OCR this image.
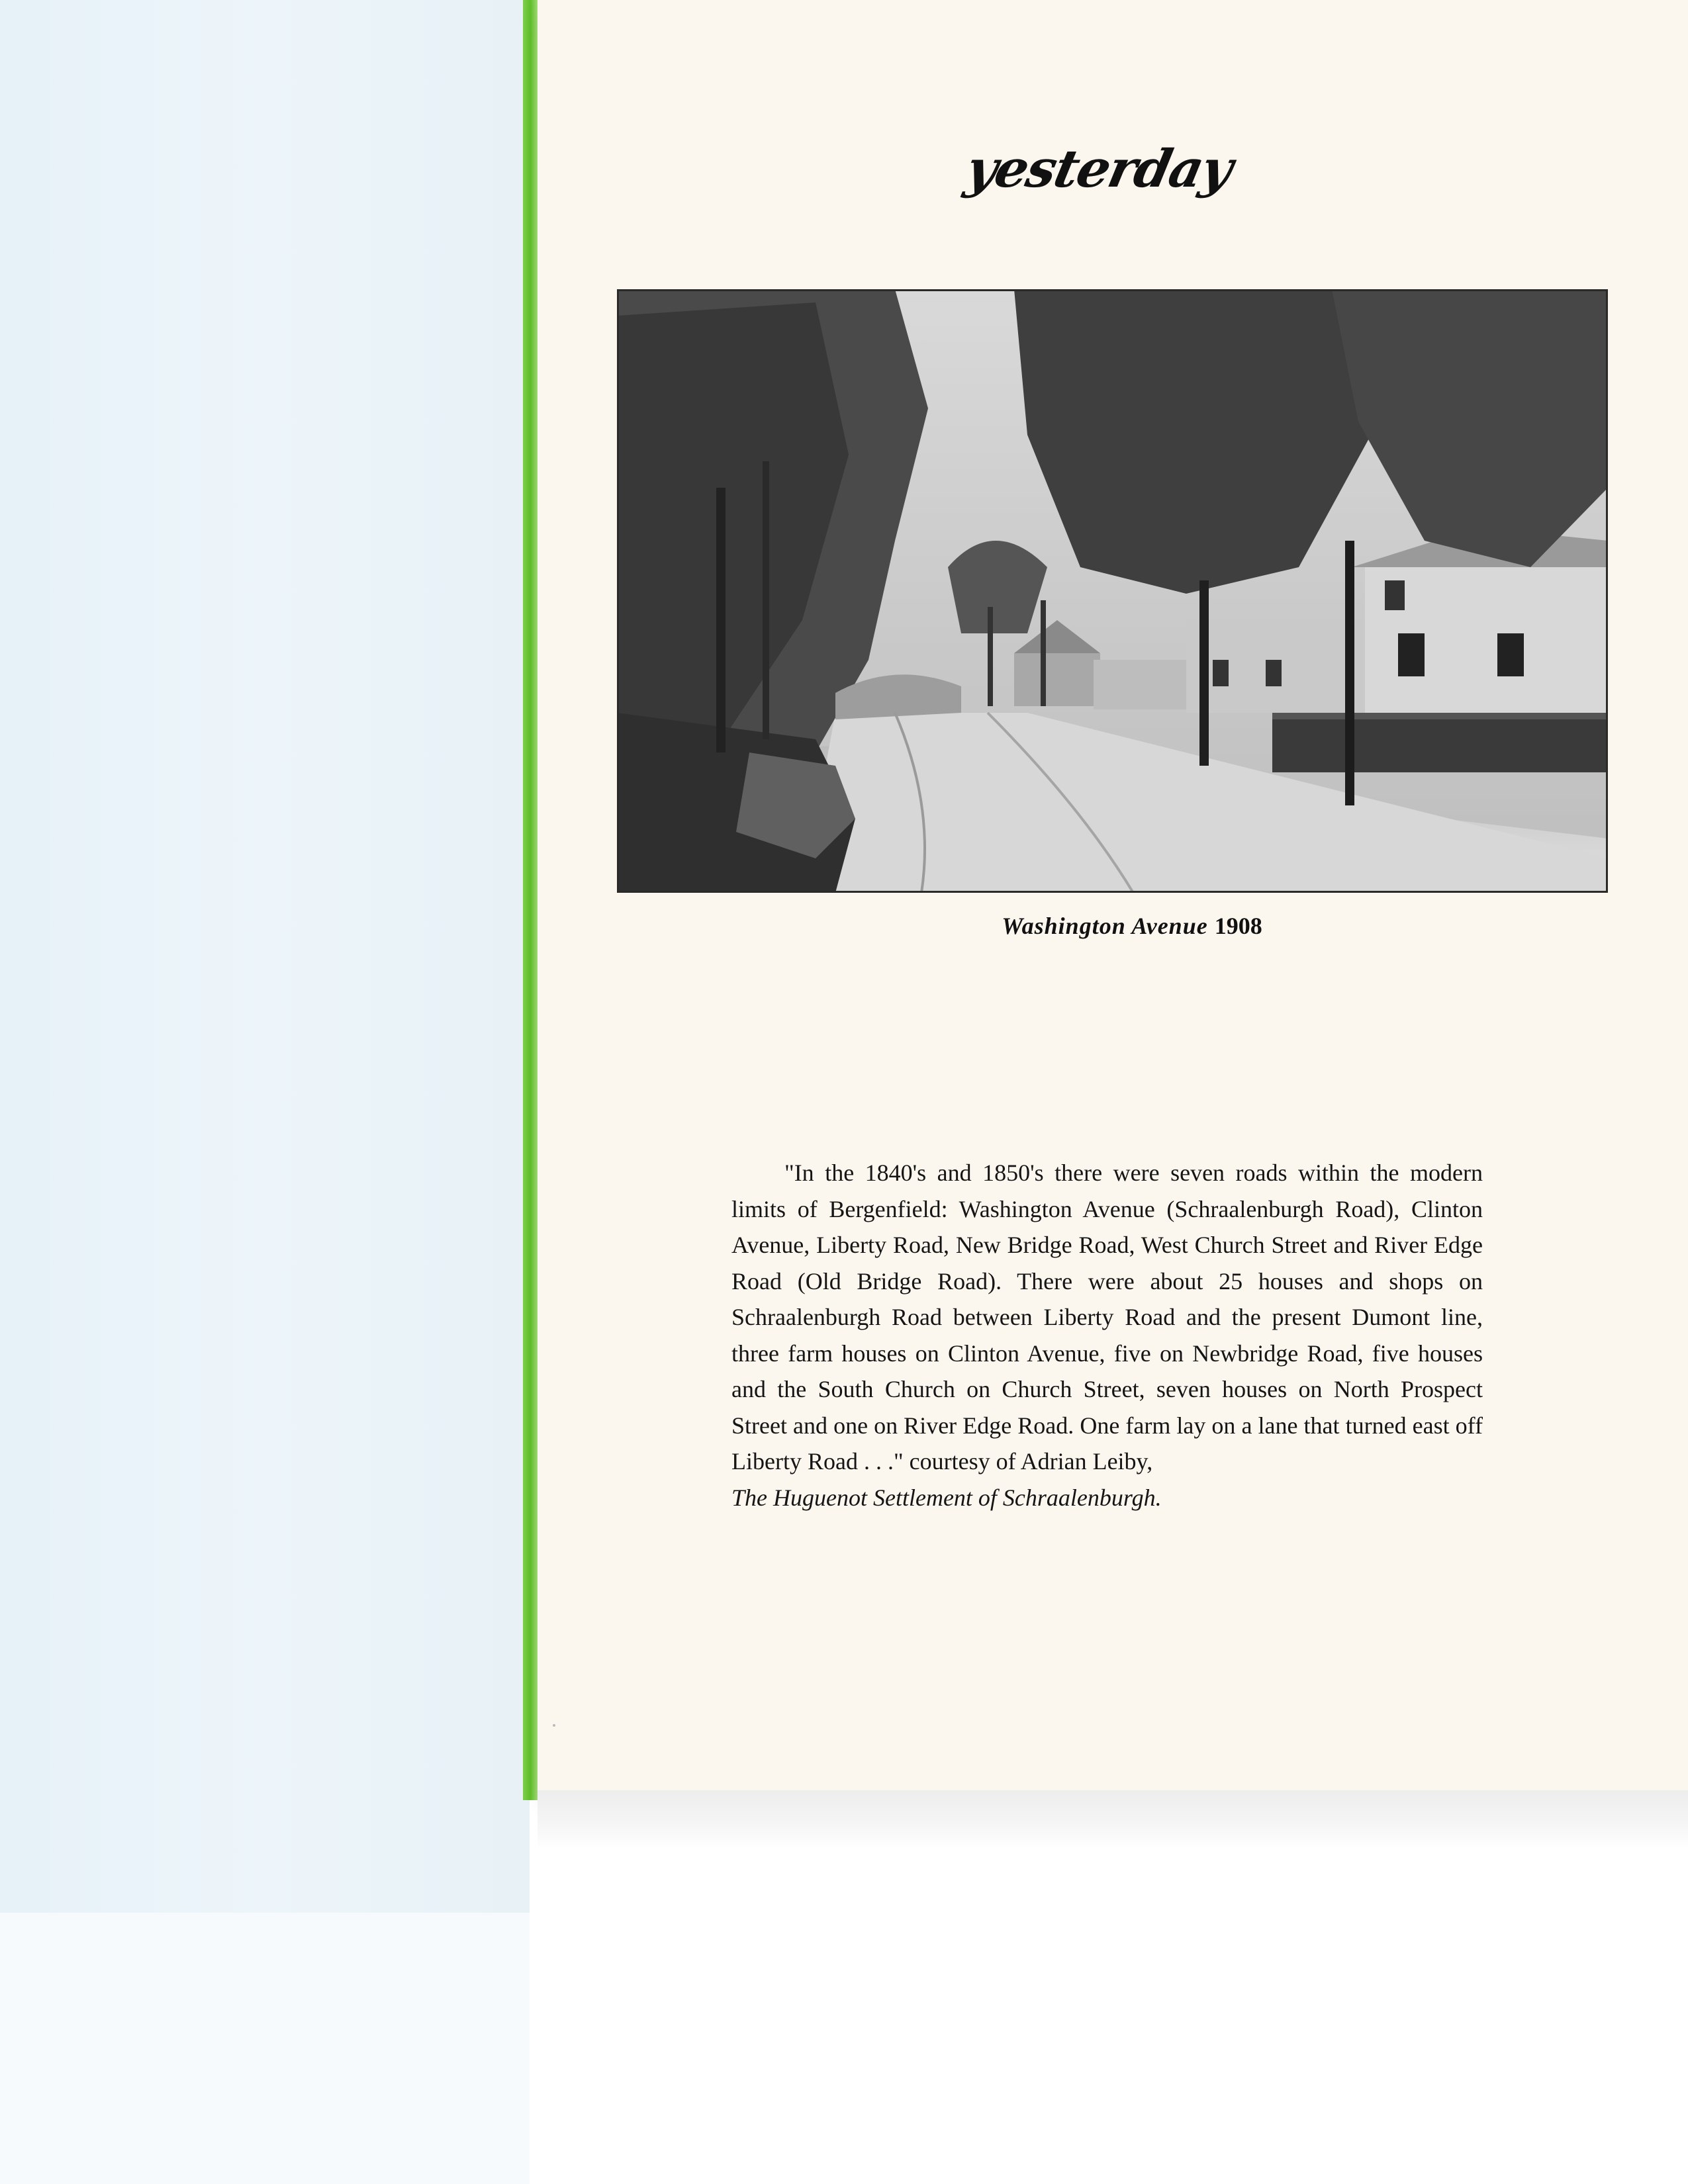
yesterday
Washington Avenue 1908

"In the 1840's and 1850's there were seven roads within the modern limits of Bergenfield: Washington Avenue (Schraalenburgh Road), Clinton Avenue, Liberty Road, New Bridge Road, West Church Street and River Edge Road (Old Bridge Road). There were about 25 houses and shops on Schraalenburgh Road between Liberty Road and the present Dumont line, three farm houses on Clinton Avenue, five on Newbridge Road, five houses and the South Church on Church Street, seven houses on North Prospect Street and one on River Edge Road. One farm lay on a lane that turned east off Liberty Road . . ." courtesy of Adrian Leiby,
The Huguenot Settlement of Schraalenburgh.
